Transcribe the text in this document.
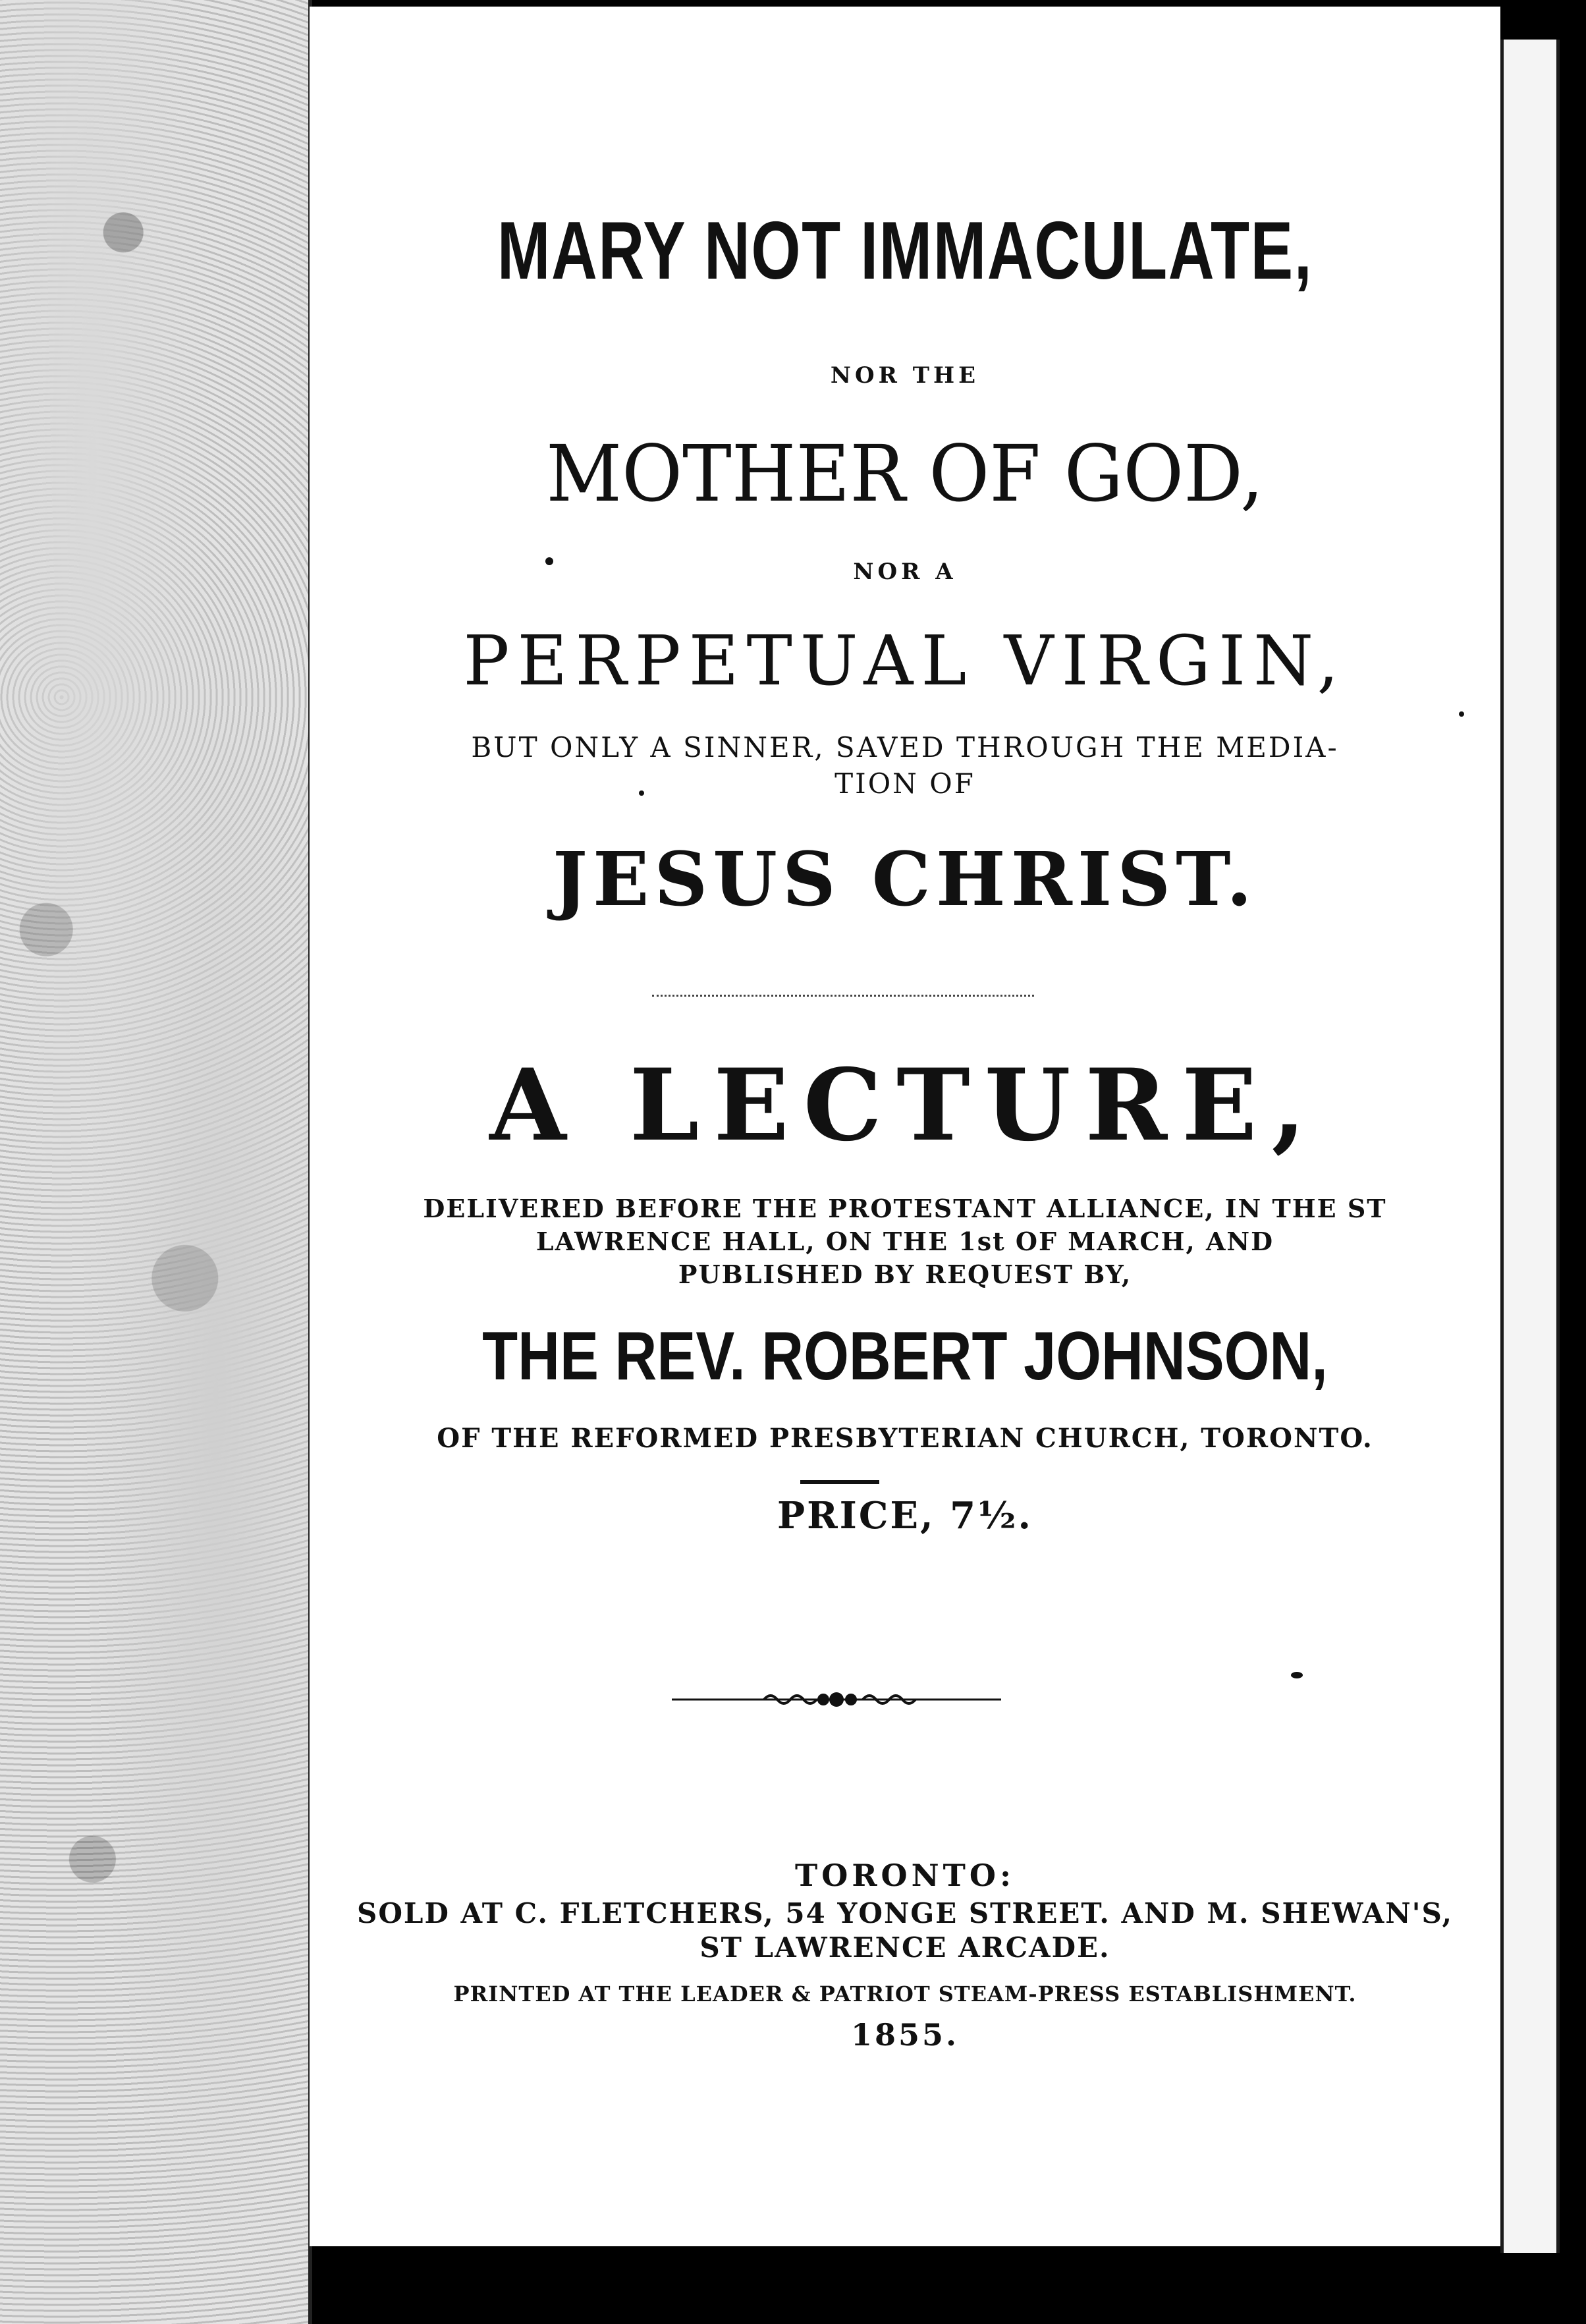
MARY NOT IMMACULATE,
NOR THE
MOTHER OF GOD,
NOR A
PERPETUAL VIRGIN,
BUT ONLY A SINNER, SAVED THROUGH THE MEDIA-
TION OF
JESUS CHRIST.
A LECTURE,
DELIVERED BEFORE THE PROTESTANT ALLIANCE, IN THE ST
LAWRENCE HALL, ON THE 1st OF MARCH, AND
PUBLISHED BY REQUEST BY,
THE REV. ROBERT JOHNSON,
OF THE REFORMED PRESBYTERIAN CHURCH, TORONTO.
PRICE, 7½.
TORONTO:
SOLD AT C. FLETCHERS, 54 YONGE STREET. AND M. SHEWAN'S,
ST LAWRENCE ARCADE.
PRINTED AT THE LEADER & PATRIOT STEAM-PRESS ESTABLISHMENT.
1855.
